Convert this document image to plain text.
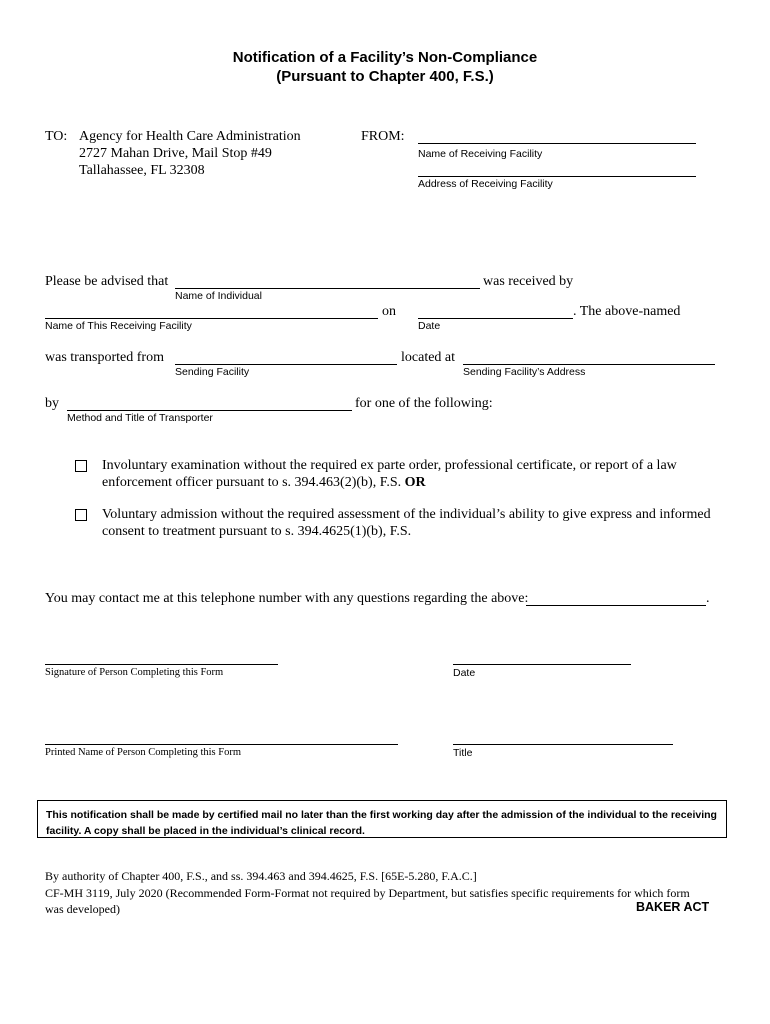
Notification of a Facility’s Non-Compliance
(Pursuant to Chapter 400, F.S.)
TO: Agency for Health Care Administration
2727 Mahan Drive, Mail Stop #49
Tallahassee, FL 32308
FROM:
Name of Receiving Facility
Address of Receiving Facility
Please be advised that	was received by
Name of Individual
on	. The above-named
Name of This Receiving Facility	Date
was transported from	located at
Sending Facility	Sending Facility’s Address
by	for one of the following:
Method and Title of Transporter
Involuntary examination without the required ex parte order, professional certificate, or report of a law
enforcement officer pursuant to s. 394.463(2)(b), F.S. OR
Voluntary admission without the required assessment of the individual’s ability to give express and informed
consent to treatment pursuant to s. 394.4625(1)(b), F.S.
You may contact me at this telephone number with any questions regarding the above:	.
Signature of Person Completing this Form	Date
Printed Name of Person Completing this Form	Title
This notification shall be made by certified mail no later than the first working day after the admission of the individual to the receiving facility. A copy shall be placed in the individual’s clinical record.
By authority of Chapter 400, F.S., and ss. 394.463 and 394.4625, F.S. [65E-5.280, F.A.C.]
CF-MH 3119, July 2020 (Recommended Form-Format not required by Department, but satisfies specific requirements for which form
was developed)	BAKER ACT
